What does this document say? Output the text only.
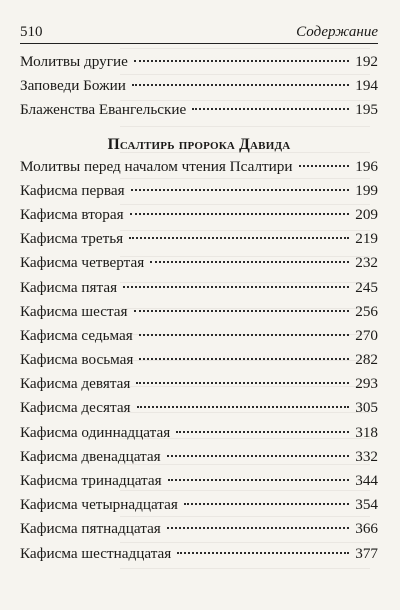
510	Содержание
Молитвы другие	192
Заповеди Божии	194
Блаженства Евангельские	195
Псалтирь пророка Давида
Молитвы перед началом чтения Псалтири	196
Кафисма первая	199
Кафисма вторая	209
Кафисма третья	219
Кафисма четвертая	232
Кафисма пятая	245
Кафисма шестая	256
Кафисма седьмая	270
Кафисма восьмая	282
Кафисма девятая	293
Кафисма десятая	305
Кафисма одиннадцатая	318
Кафисма двенадцатая	332
Кафисма тринадцатая	344
Кафисма четырнадцатая	354
Кафисма пятнадцатая	366
Кафисма шестнадцатая	377
